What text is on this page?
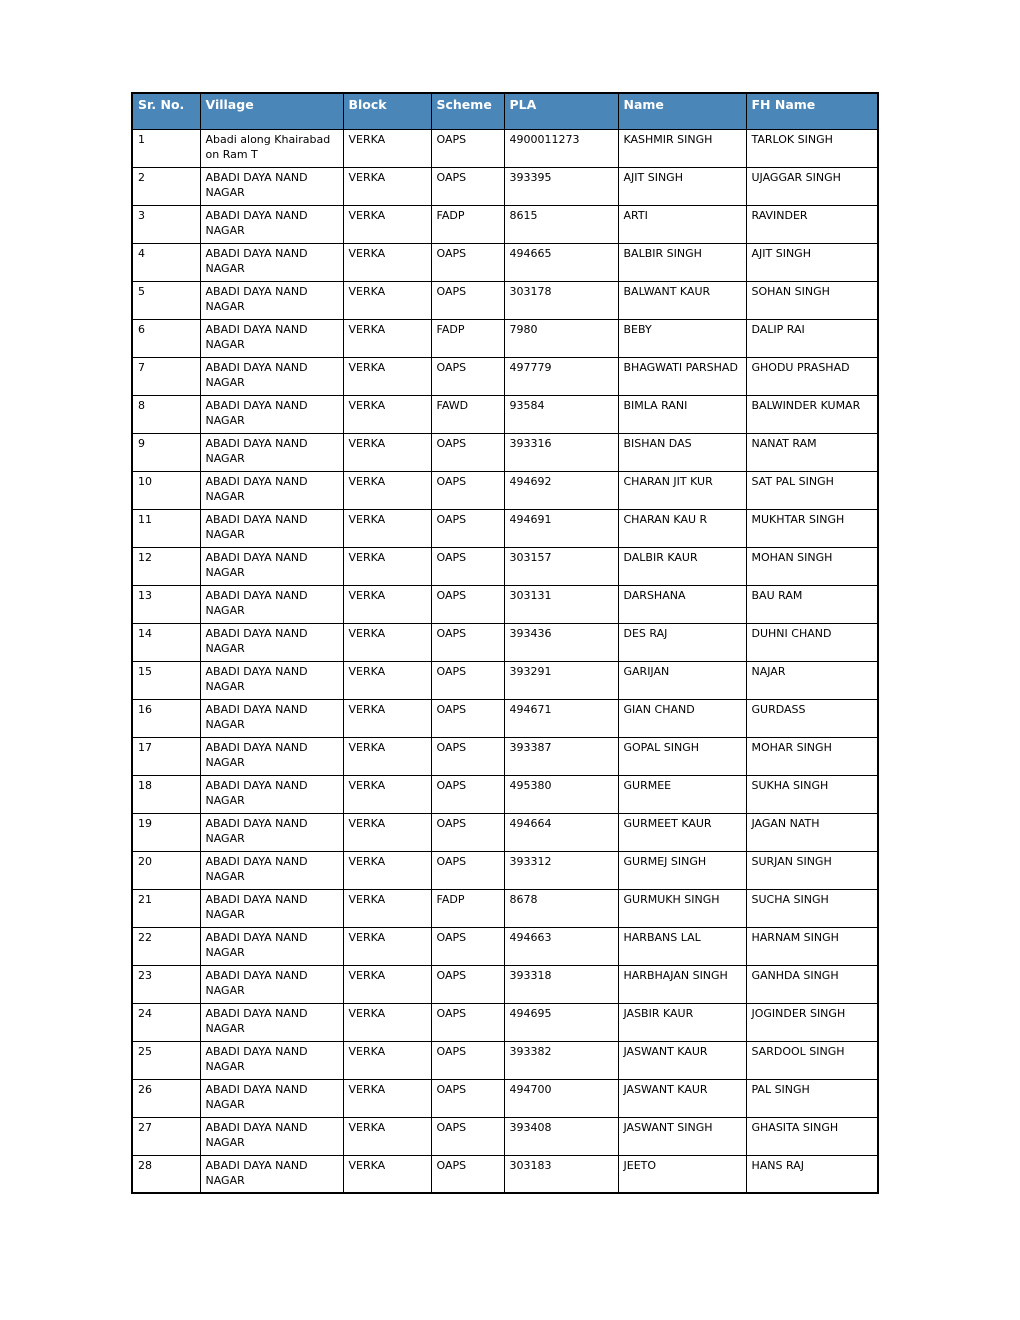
Sr. No.	Village	Block	Scheme	PLA	Name	FH Name
1	Abadi along Khairabad on Ram T	VERKA	OAPS	4900011273	KASHMIR SINGH	TARLOK SINGH
2	ABADI DAYA NAND NAGAR	VERKA	OAPS	393395	AJIT SINGH	UJAGGAR SINGH
3	ABADI DAYA NAND NAGAR	VERKA	FADP	8615	ARTI	RAVINDER
4	ABADI DAYA NAND NAGAR	VERKA	OAPS	494665	BALBIR SINGH	AJIT SINGH
5	ABADI DAYA NAND NAGAR	VERKA	OAPS	303178	BALWANT KAUR	SOHAN SINGH
6	ABADI DAYA NAND NAGAR	VERKA	FADP	7980	BEBY	DALIP RAI
7	ABADI DAYA NAND NAGAR	VERKA	OAPS	497779	BHAGWATI PARSHAD	GHODU PRASHAD
8	ABADI DAYA NAND NAGAR	VERKA	FAWD	93584	BIMLA RANI	BALWINDER KUMAR
9	ABADI DAYA NAND NAGAR	VERKA	OAPS	393316	BISHAN DAS	NANAT RAM
10	ABADI DAYA NAND NAGAR	VERKA	OAPS	494692	CHARAN JIT KUR	SAT PAL SINGH
11	ABADI DAYA NAND NAGAR	VERKA	OAPS	494691	CHARAN KAU R	MUKHTAR SINGH
12	ABADI DAYA NAND NAGAR	VERKA	OAPS	303157	DALBIR KAUR	MOHAN SINGH
13	ABADI DAYA NAND NAGAR	VERKA	OAPS	303131	DARSHANA	BAU RAM
14	ABADI DAYA NAND NAGAR	VERKA	OAPS	393436	DES RAJ	DUHNI CHAND
15	ABADI DAYA NAND NAGAR	VERKA	OAPS	393291	GARIJAN	NAJAR
16	ABADI DAYA NAND NAGAR	VERKA	OAPS	494671	GIAN CHAND	GURDASS
17	ABADI DAYA NAND NAGAR	VERKA	OAPS	393387	GOPAL SINGH	MOHAR SINGH
18	ABADI DAYA NAND NAGAR	VERKA	OAPS	495380	GURMEE	SUKHA SINGH
19	ABADI DAYA NAND NAGAR	VERKA	OAPS	494664	GURMEET KAUR	JAGAN NATH
20	ABADI DAYA NAND NAGAR	VERKA	OAPS	393312	GURMEJ SINGH	SURJAN SINGH
21	ABADI DAYA NAND NAGAR	VERKA	FADP	8678	GURMUKH SINGH	SUCHA SINGH
22	ABADI DAYA NAND NAGAR	VERKA	OAPS	494663	HARBANS LAL	HARNAM SINGH
23	ABADI DAYA NAND NAGAR	VERKA	OAPS	393318	HARBHAJAN SINGH	GANHDA SINGH
24	ABADI DAYA NAND NAGAR	VERKA	OAPS	494695	JASBIR KAUR	JOGINDER SINGH
25	ABADI DAYA NAND NAGAR	VERKA	OAPS	393382	JASWANT KAUR	SARDOOL SINGH
26	ABADI DAYA NAND NAGAR	VERKA	OAPS	494700	JASWANT KAUR	PAL SINGH
27	ABADI DAYA NAND NAGAR	VERKA	OAPS	393408	JASWANT SINGH	GHASITA SINGH
28	ABADI DAYA NAND NAGAR	VERKA	OAPS	303183	JEETO	HANS RAJ
